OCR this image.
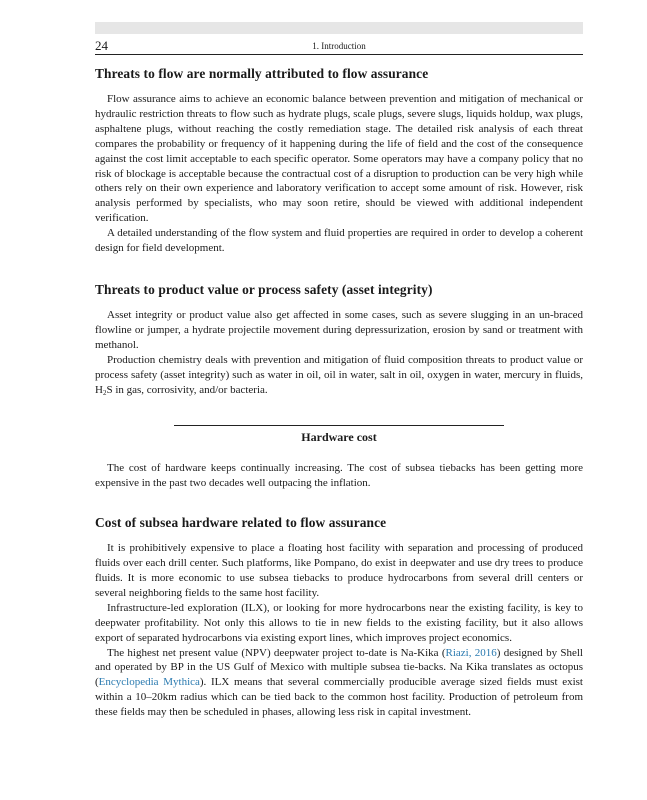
24	1. Introduction
Threats to flow are normally attributed to flow assurance

Flow assurance aims to achieve an economic balance between prevention and mitigation of mechanical or hydraulic restriction threats to flow such as hydrate plugs, scale plugs, severe slugs, liquids holdup, wax plugs, asphaltene plugs, without reaching the costly remediation stage. The detailed risk analysis of each threat compares the probability or frequency of it happening during the life of field and the cost of the consequence against the cost limit acceptable to each specific operator. Some operators may have a company policy that no risk of blockage is acceptable because the contractual cost of a disruption to production can be very high while others rely on their own experience and laboratory verification to accept some amount of risk. However, risk analysis performed by specialists, who may soon retire, should be viewed with additional independent verification.

A detailed understanding of the flow system and fluid properties are required in order to develop a coherent design for field development.

Threats to product value or process safety (asset integrity)

Asset integrity or product value also get affected in some cases, such as severe slugging in an un-braced flowline or jumper, a hydrate projectile movement during depressurization, erosion by sand or treatment with methanol.

Production chemistry deals with prevention and mitigation of fluid composition threats to product value or process safety (asset integrity) such as water in oil, oil in water, salt in oil, oxygen in water, mercury in fluids, $H_2S$ in gas, corrosivity, and/or bacteria.

Hardware cost

The cost of hardware keeps continually increasing. The cost of subsea tiebacks has been getting more expensive in the past two decades well outpacing the inflation.

Cost of subsea hardware related to flow assurance

It is prohibitively expensive to place a floating host facility with separation and processing of produced fluids over each drill center. Such platforms, like Pompano, do exist in deepwater and use dry trees to produce fluids. It is more economic to use subsea tiebacks to produce hydrocarbons from several drill centers or several neighboring fields to the same host facility.

Infrastructure-led exploration (ILX), or looking for more hydrocarbons near the existing facility, is key to deepwater profitability. Not only this allows to tie in new fields to the existing facility, but it also allows export of separated hydrocarbons via existing export lines, which improves project economics.

The highest net present value (NPV) deepwater project to-date is Na-Kika (Riazi, 2016) designed by Shell and operated by BP in the US Gulf of Mexico with multiple subsea tie-backs. Na Kika translates as octopus (Encyclopedia Mythica). ILX means that several commercially producible average sized fields must exist within a 10–20km radius which can be tied back to the common host facility. Production of petroleum from these fields may then be scheduled in phases, allowing less risk in capital investment.
